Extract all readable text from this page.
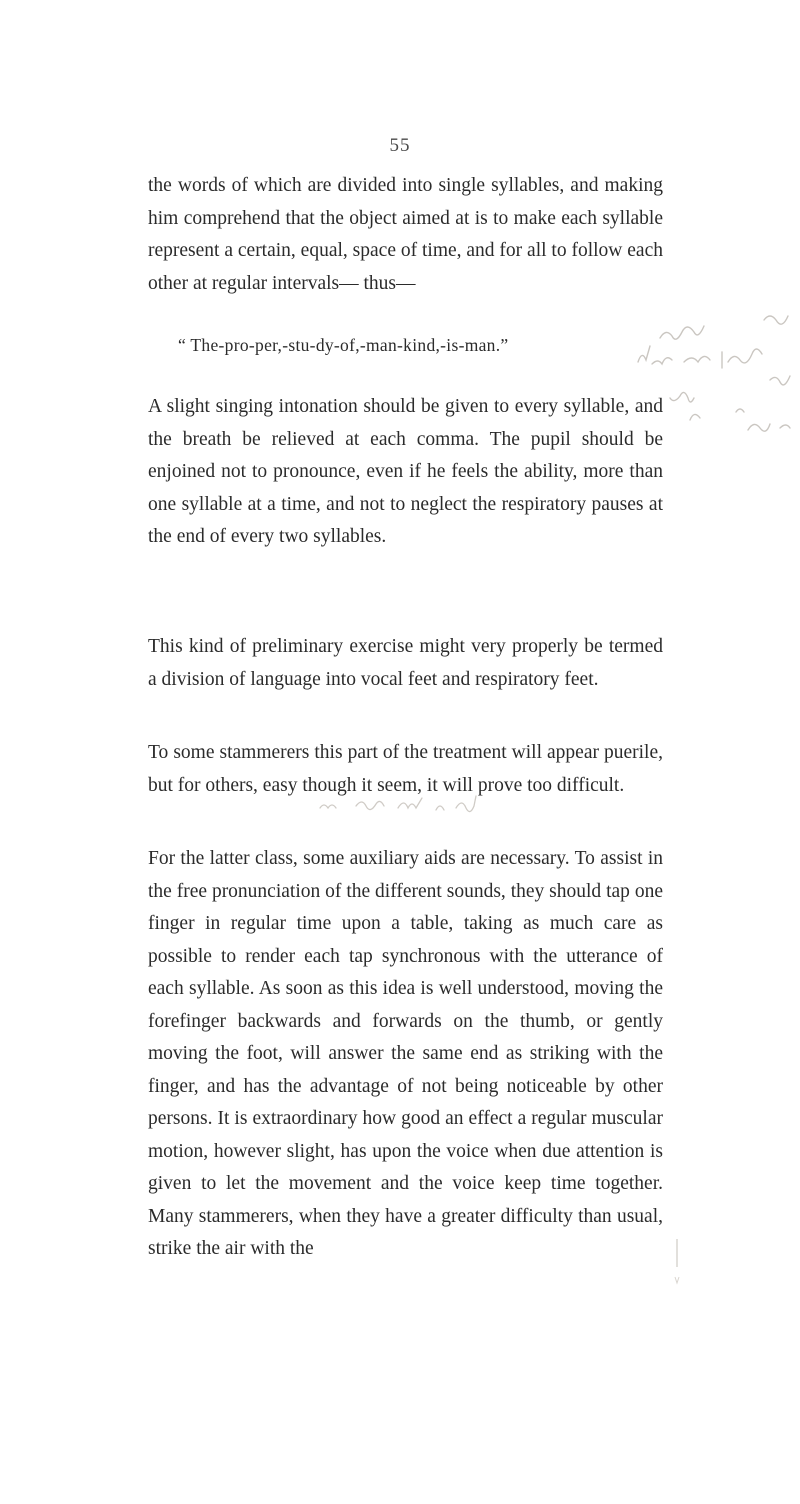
55

the words of which are divided into single syllables, and making him comprehend that the object aimed at is to make each syllable represent a certain, equal, space of time, and for all to follow each other at regular intervals— thus—

“ The-pro-per,-stu-dy-of,-man-kind,-is-man.”

A slight singing intonation should be given to every syllable, and the breath be relieved at each comma. The pupil should be enjoined not to pronounce, even if he feels the ability, more than one syllable at a time, and not to neglect the respiratory pauses at the end of every two syllables.

This kind of preliminary exercise might very properly be termed a division of language into vocal feet and respiratory feet.

To some stammerers this part of the treatment will appear puerile, but for others, easy though it seem, it will prove too difficult.

For the latter class, some auxiliary aids are necessary. To assist in the free pronunciation of the different sounds, they should tap one finger in regular time upon a table, taking as much care as possible to render each tap synchronous with the utterance of each syllable. As soon as this idea is well understood, moving the forefinger backwards and forwards on the thumb, or gently moving the foot, will answer the same end as striking with the finger, and has the advantage of not being noticeable by other persons. It is extraordinary how good an effect a regular muscular motion, however slight, has upon the voice when due attention is given to let the movement and the voice keep time together. Many stammerers, when they have a greater difficulty than usual, strike the air with the
